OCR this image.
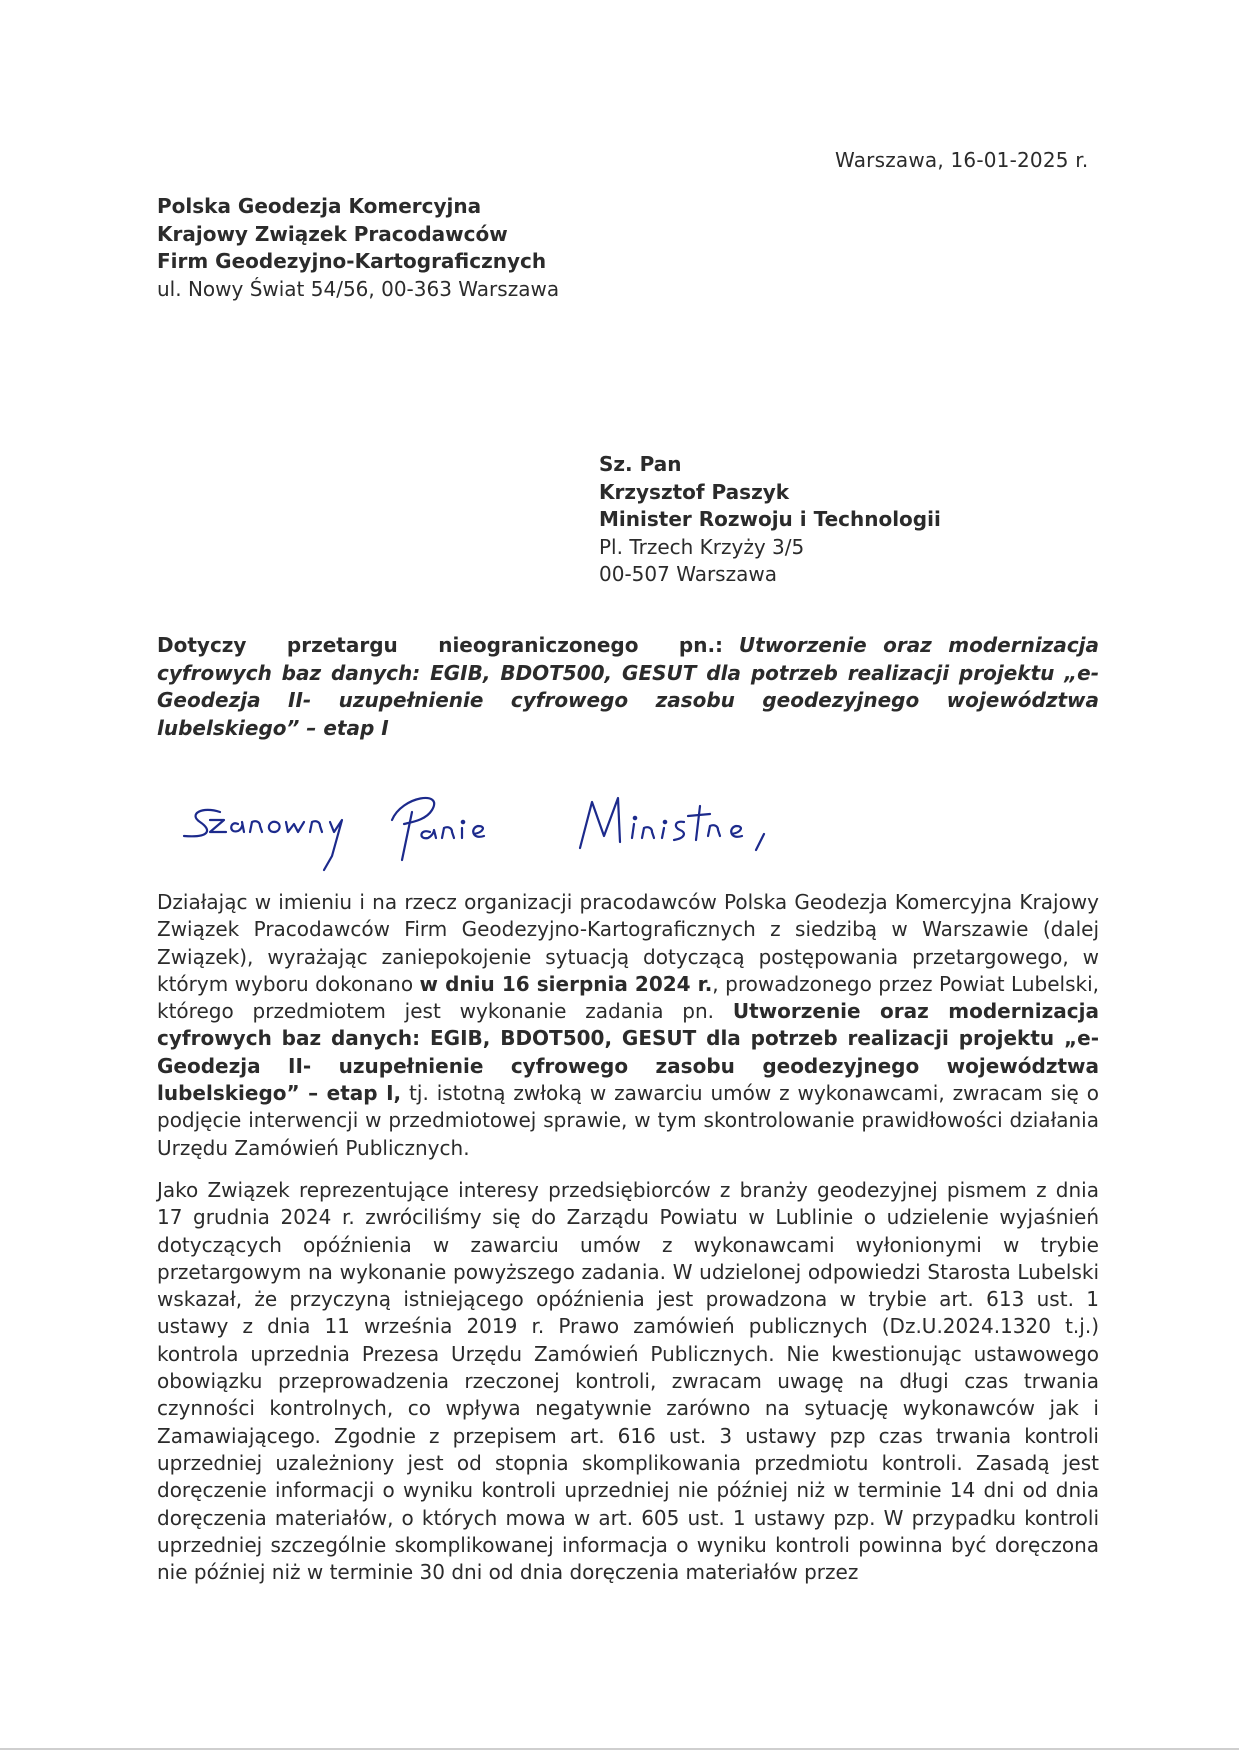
Warszawa, 16-01-2025 r.
Polska Geodezja Komercyjna
Krajowy Związek Pracodawców
Firm Geodezyjno-Kartograficznych
ul. Nowy Świat 54/56, 00-363 Warszawa
Sz. Pan
Krzysztof Paszyk
Minister Rozwoju i Technologii
Pl. Trzech Krzyży 3/5
00-507 Warszawa
Dotyczy przetargu nieograniczonego pn.: Utworzenie oraz modernizacja cyfrowych baz danych: EGIB, BDOT500, GESUT dla potrzeb realizacji projektu „e-Geodezja II- uzupełnienie cyfrowego zasobu geodezyjnego województwa lubelskiego” – etap I
Działając w imieniu i na rzecz organizacji pracodawców Polska Geodezja Komercyjna Krajowy Związek Pracodawców Firm Geodezyjno-Kartograficznych z siedzibą w Warszawie (dalej Związek), wyrażając zaniepokojenie sytuacją dotyczącą postępowania przetargowego, w którym wyboru dokonano w dniu 16 sierpnia 2024 r., prowadzonego przez Powiat Lubelski, którego przedmiotem jest wykonanie zadania pn. Utworzenie oraz modernizacja cyfrowych baz danych: EGIB, BDOT500, GESUT dla potrzeb realizacji projektu „e-Geodezja II- uzupełnienie cyfrowego zasobu geodezyjnego województwa lubelskiego” – etap I, tj. istotną zwłoką w zawarciu umów z wykonawcami, zwracam się o podjęcie interwencji w przedmiotowej sprawie, w tym skontrolowanie prawidłowości działania Urzędu Zamówień Publicznych.
Jako Związek reprezentujące interesy przedsiębiorców z branży geodezyjnej pismem z dnia 17 grudnia 2024 r. zwróciliśmy się do Zarządu Powiatu w Lublinie o udzielenie wyjaśnień dotyczących opóźnienia w zawarciu umów z wykonawcami wyłonionymi w trybie przetargowym na wykonanie powyższego zadania. W udzielonej odpowiedzi Starosta Lubelski wskazał, że przyczyną istniejącego opóźnienia jest prowadzona w trybie art. 613 ust. 1 ustawy z dnia 11 września 2019 r. Prawo zamówień publicznych (Dz.U.2024.1320 t.j.) kontrola uprzednia Prezesa Urzędu Zamówień Publicznych. Nie kwestionując ustawowego obowiązku przeprowadzenia rzeczonej kontroli, zwracam uwagę na długi czas trwania czynności kontrolnych, co wpływa negatywnie zarówno na sytuację wykonawców jak i Zamawiającego. Zgodnie z przepisem art. 616 ust. 3 ustawy pzp czas trwania kontroli uprzedniej uzależniony jest od stopnia skomplikowania przedmiotu kontroli. Zasadą jest doręczenie informacji o wyniku kontroli uprzedniej nie później niż w terminie 14 dni od dnia doręczenia materiałów, o których mowa w art. 605 ust. 1 ustawy pzp. W przypadku kontroli uprzedniej szczególnie skomplikowanej informacja o wyniku kontroli powinna być doręczona nie później niż w terminie 30 dni od dnia doręczenia materiałów przez
